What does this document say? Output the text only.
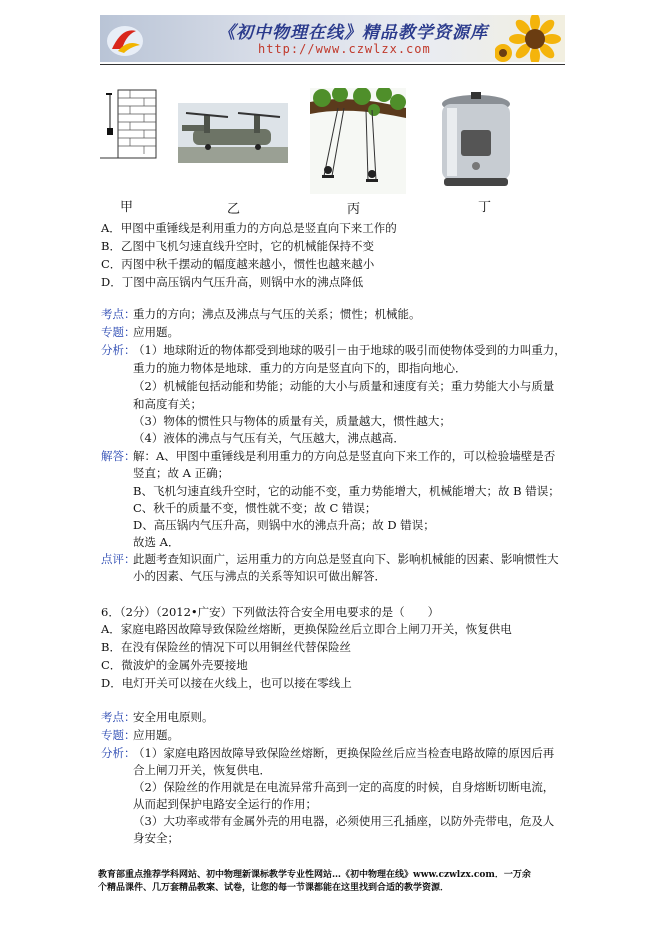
《初中物理在线》精品教学资源库
http://www.czwlzx.com
甲	乙	丙	丁
A．甲图中重锤线是利用重力的方向总是竖直向下来工作的
B．乙图中飞机匀速直线升空时，它的机械能保持不变
C．丙图中秋千摆动的幅度越来越小，惯性也越来越小
D．丁图中高压锅内气压升高，则锅中水的沸点降低
考点：
重力的方向；沸点及沸点与气压的关系；惯性；机械能。
专题：
应用题。
分析：
（1）地球附近的物体都受到地球的吸引－由于地球的吸引而使物体受到的力叫重力，
重力的施力物体是地球．重力的方向是竖直向下的，即指向地心．
（2）机械能包括动能和势能；动能的大小与质量和速度有关；重力势能大小与质量
和高度有关；
（3）物体的惯性只与物体的质量有关，质量越大，惯性越大；
（4）液体的沸点与气压有关，气压越大，沸点越高．
解答：
解：A、甲图中重锤线是利用重力的方向总是竖直向下来工作的，可以检验墙壁是否
竖直；故 A 正确；
B、飞机匀速直线升空时，它的动能不变，重力势能增大，机械能增大；故 B 错误；
C、秋千的质量不变，惯性就不变；故 C 错误；
D、高压锅内气压升高，则锅中水的沸点升高；故 D 错误；
故选 A．
点评：
此题考查知识面广，运用重力的方向总是竖直向下、影响机械能的因素、影响惯性大
小的因素、气压与沸点的关系等知识可做出解答．
6．（2分）（2012•广安）下列做法符合安全用电要求的是（　　）
A．家庭电路因故障导致保险丝熔断，更换保险丝后立即合上闸刀开关，恢复供电
B．在没有保险丝的情况下可以用铜丝代替保险丝
C．微波炉的金属外壳要接地
D．电灯开关可以接在火线上，也可以接在零线上
考点：
安全用电原则。
专题：
应用题。
分析：
（1）家庭电路因故障导致保险丝熔断，更换保险丝后应当检查电路故障的原因后再
合上闸刀开关，恢复供电．
（2）保险丝的作用就是在电流异常升高到一定的高度的时候，自身熔断切断电流，
从而起到保护电路安全运行的作用；
（3）大功率或带有金属外壳的用电器，必须使用三孔插座，以防外壳带电，危及人
身安全；
教育部重点推荐学科网站、初中物理新课标教学专业性网站…《初中物理在线》www.czwlzx.com．一万余
个精品课件、几万套精品教案、试卷，让您的每一节课都能在这里找到合适的教学资源．
